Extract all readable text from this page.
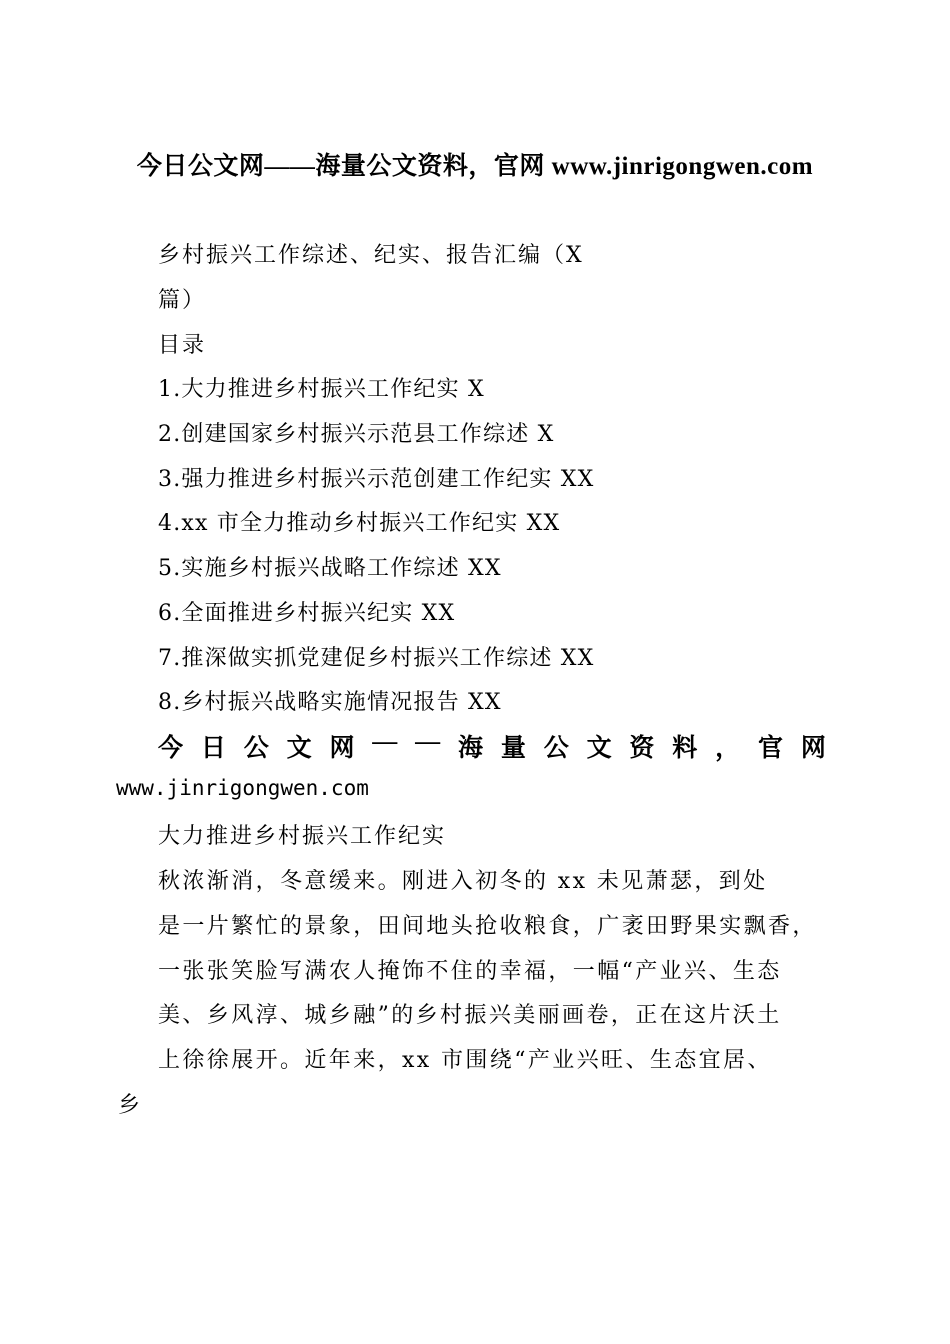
今日公文网——海量公文资料，官网 www.jinrigongwen.com
乡村振兴工作综述、纪实、报告汇编（X
篇）
目录
1.大力推进乡村振兴工作纪实 X
2.创建国家乡村振兴示范县工作综述 X
3.强力推进乡村振兴示范创建工作纪实 XX
4.xx 市全力推动乡村振兴工作纪实 XX
5.实施乡村振兴战略工作综述 XX
6.全面推进乡村振兴纪实 XX
7.推深做实抓党建促乡村振兴工作综述 XX
8.乡村振兴战略实施情况报告 XX
今 日 公 文 网 — — 海 量 公 文 资 料 ， 官 网
www.jinrigongwen.com
大力推进乡村振兴工作纪实
秋浓渐消，冬意缓来。刚进入初冬的 xx 未见萧瑟，到处
是一片繁忙的景象，田间地头抢收粮食，广袤田野果实飘香，
一张张笑脸写满农人掩饰不住的幸福，一幅“产业兴、生态
美、乡风淳、城乡融”的乡村振兴美丽画卷，正在这片沃土
上徐徐展开。近年来，xx 市围绕“产业兴旺、生态宜居、
乡
